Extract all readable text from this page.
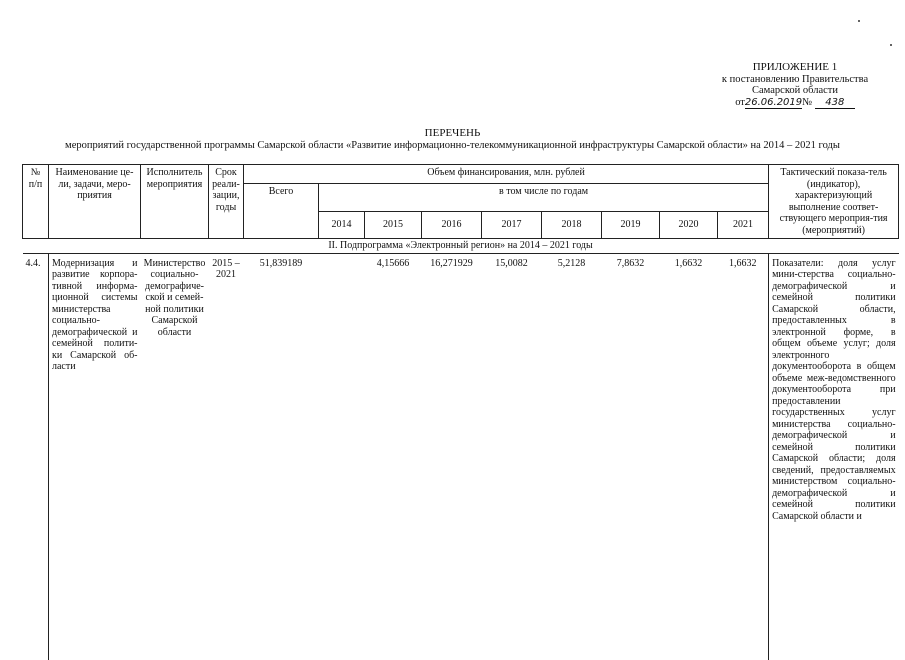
ПРИЛОЖЕНИЕ 1
к постановлению Правительства
Самарской области
от26.06.2019№ 438
ПЕРЕЧЕНЬ
мероприятий государственной программы Самарской области «Развитие информационно-телекоммуникационной инфраструктуры Самарской области» на 2014 – 2021 годы
№ п/п	Наименование це-ли, задачи, меро-приятия	Исполнитель мероприятия	Срок реали-зации, годы	Объем финансирования, млн. рублей									Тактический показа-тель (индикатор), характеризующий выполнение соответ-ствующего мероприя-тия (мероприятий)
				Всего	в том числе по годам								
					2014	2015	2016	2017	2018	2019	2020	2021	
II. Подпрограмма «Электронный регион» на 2014 – 2021 годы													
4.4.	Модернизация и развитие корпора-тивной информа-ционной системы министерства социально-демографической и семейной полити-ки Самарской об-ласти	Министерство социально-демографиче-ской и семей-ной политики Самарской области	2015 – 2021	51,839189		4,15666	16,271929	15,0082	5,2128	7,8632	1,6632	1,6632	Показатели: доля услуг мини-стерства социально-демографической и семейной политики Самарской области, предоставленных в электронной форме, в общем объеме услуг; доля электронного документооборота в общем объеме меж-ведомственного документооборота при предоставлении государственных услуг министерства социально-демографической и семейной политики Самарской области; доля сведений, предоставляемых министерством социально-демографической и семейной политики Самарской области и
